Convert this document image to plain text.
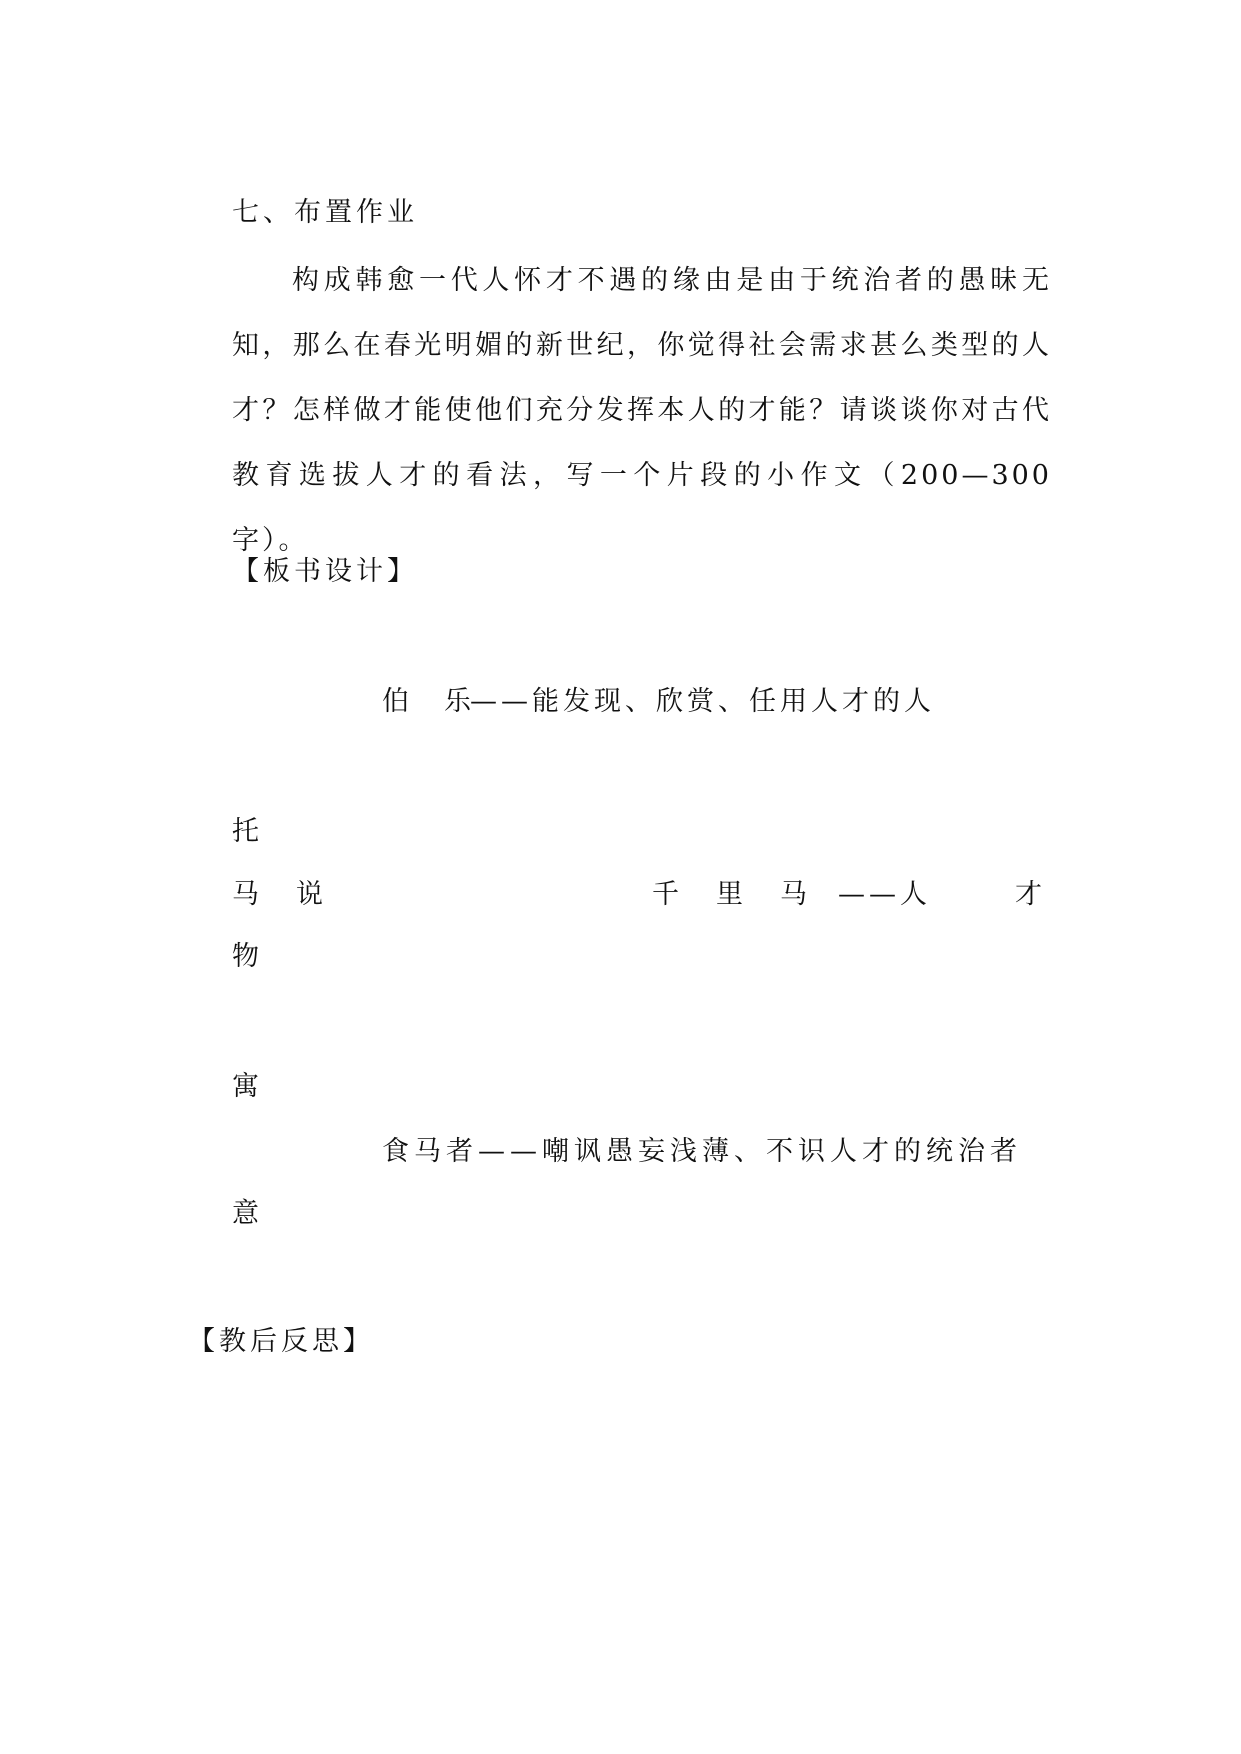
七、布置作业
构成韩愈一代人怀才不遇的缘由是由于统治者的愚昧无知，那么在春光明媚的新世纪，你觉得社会需求甚么类型的人才？怎样做才能使他们充分发挥本人的才能？请谈谈你对古代教育选拔人才的看法，写一个片段的小作文（200—300字）。
【板书设计】
伯　乐
——能发现、欣赏、任用人才的人
托
马 说	千 里 马 ——人	才
物
寓
食马者——嘲讽愚妄浅薄、不识人才的统治者
意
【教后反思】
